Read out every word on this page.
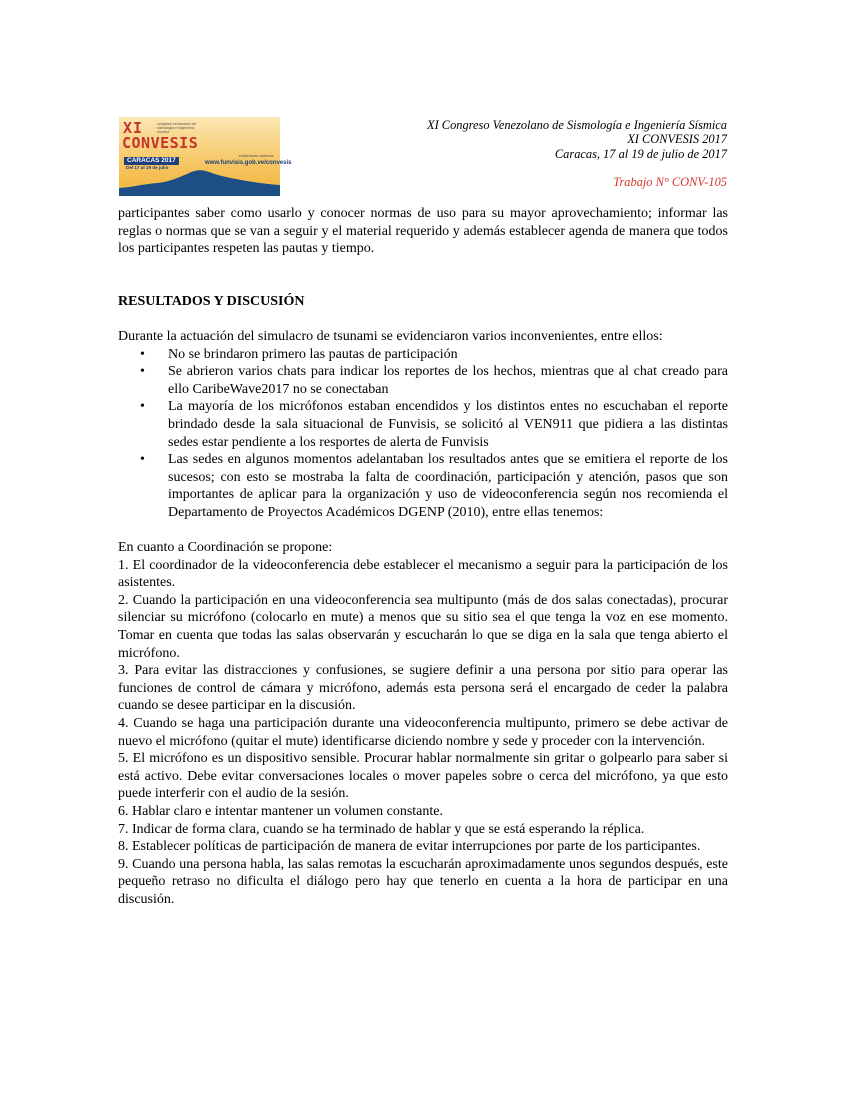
XI	congreso venezolano de sismología e ingeniería sísmica
CONVESIS
CARACAS 2017
Del 17 al 19 de julio
tradiciones abiertas
www.funvisis.gob.ve/convesis
XI Congreso Venezolano de Sismología e Ingeniería Sísmica
XI CONVESIS 2017
Caracas, 17 al 19 de julio de 2017
Trabajo N° CONV-105

participantes saber como usarlo y conocer normas de uso para su mayor aprovechamiento; informar las reglas o normas que se van a seguir y el material requerido y además establecer agenda de manera que todos los participantes respeten las pautas y tiempo.

RESULTADOS Y DISCUSIÓN

Durante la actuación del simulacro de tsunami se evidenciaron varios inconvenientes, entre ellos:

• No se brindaron primero las pautas de participación
• Se abrieron varios chats para indicar los reportes de los hechos, mientras que al chat creado para ello CaribeWave2017 no se conectaban
• La mayoría de los micrófonos estaban encendidos y los distintos entes no escuchaban el reporte brindado desde la sala situacional de Funvisis, se solicitó al VEN911 que pidiera a las distintas sedes estar pendiente a los resportes de alerta de Funvisis
• Las sedes en algunos momentos adelantaban los resultados antes que se emitiera el reporte de los sucesos; con esto se mostraba la falta de coordinación, participación y atención, pasos que son importantes de aplicar para la organización y uso de videoconferencia según nos recomienda el Departamento de Proyectos Académicos DGENP (2010), entre ellas tenemos:

En cuanto a Coordinación se propone:

1. El coordinador de la videoconferencia debe establecer el mecanismo a seguir para la participación de los asistentes.

2. Cuando la participación en una videoconferencia sea multipunto (más de dos salas conectadas), procurar silenciar su micrófono (colocarlo en mute) a menos que su sitio sea el que tenga la voz en ese momento. Tomar en cuenta que todas las salas observarán y escucharán lo que se diga en la sala que tenga abierto el micrófono.

3. Para evitar las distracciones y confusiones, se sugiere definir a una persona por sitio para operar las funciones de control de cámara y micrófono, además esta persona será el encargado de ceder la palabra cuando se desee participar en la discusión.

4. Cuando se haga una participación durante una videoconferencia multipunto, primero se debe activar de nuevo el micrófono (quitar el mute) identificarse diciendo nombre y sede y proceder con la intervención.

5. El micrófono es un dispositivo sensible. Procurar hablar normalmente sin gritar o golpearlo para saber si está activo. Debe evitar conversaciones locales o mover papeles sobre o cerca del micrófono, ya que esto puede interferir con el audio de la sesión.

6. Hablar claro e intentar mantener un volumen constante.

7. Indicar de forma clara, cuando se ha terminado de hablar y que se está esperando la réplica.

8. Establecer políticas de participación de manera de evitar interrupciones por parte de los participantes.

9. Cuando una persona habla, las salas remotas la escucharán aproximadamente unos segundos después, este pequeño retraso no dificulta el diálogo pero hay que tenerlo en cuenta a la hora de participar en una discusión.
